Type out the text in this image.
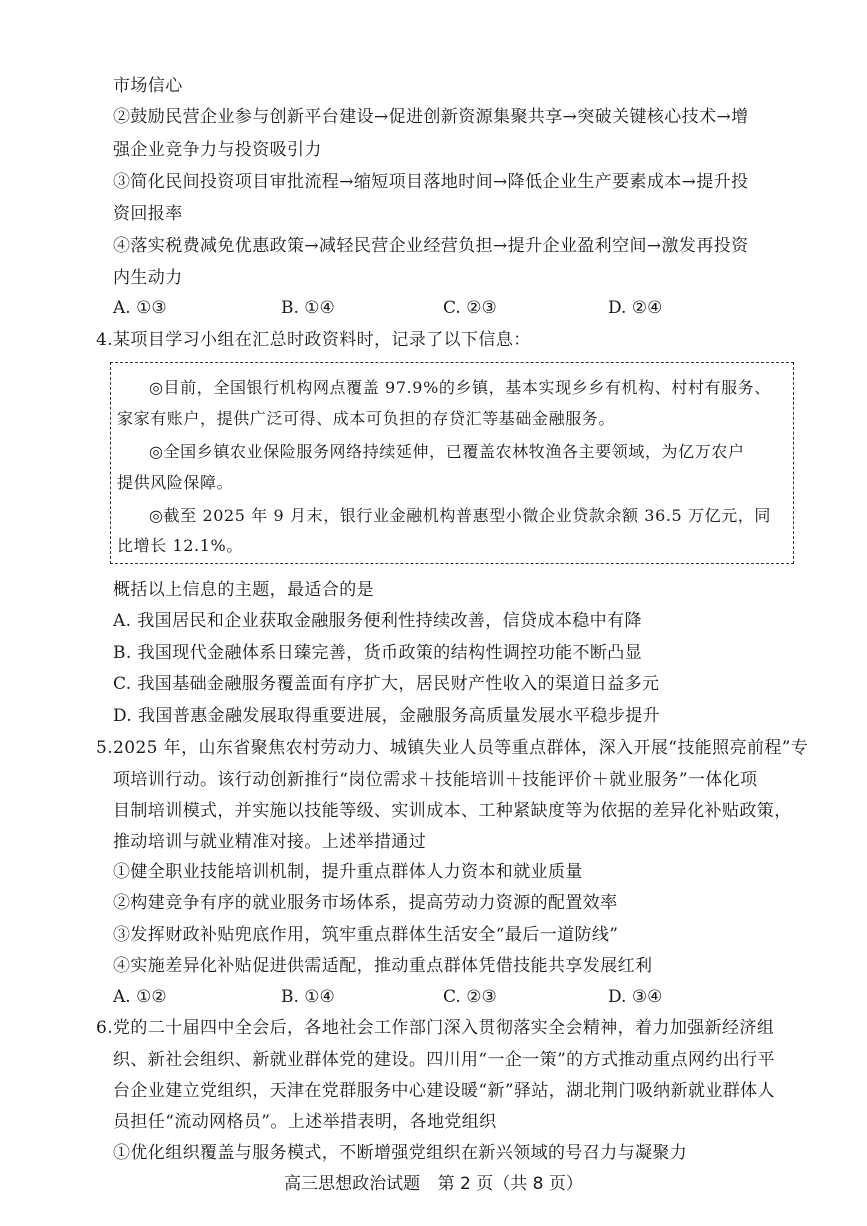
市场信心
②鼓励民营企业参与创新平台建设→促进创新资源集聚共享→突破关键核心技术→增
强企业竞争力与投资吸引力
③简化民间投资项目审批流程→缩短项目落地时间→降低企业生产要素成本→提升投
资回报率
④落实税费减免优惠政策→减轻民营企业经营负担→提升企业盈利空间→激发再投资
内生动力
A. ①③	B. ①④	C. ②③	D. ②④
4.某项目学习小组在汇总时政资料时，记录了以下信息：
◎目前，全国银行机构网点覆盖 97.9%的乡镇，基本实现乡乡有机构、村村有服务、
家家有账户，提供广泛可得、成本可负担的存贷汇等基础金融服务。
◎全国乡镇农业保险服务网络持续延伸，已覆盖农林牧渔各主要领域，为亿万农户
提供风险保障。
◎截至 2025 年 9 月末，银行业金融机构普惠型小微企业贷款余额 36.5 万亿元，同
比增长 12.1%。
概括以上信息的主题，最适合的是
A. 我国居民和企业获取金融服务便利性持续改善，信贷成本稳中有降
B. 我国现代金融体系日臻完善，货币政策的结构性调控功能不断凸显
C. 我国基础金融服务覆盖面有序扩大，居民财产性收入的渠道日益多元
D. 我国普惠金融发展取得重要进展，金融服务高质量发展水平稳步提升
5.2025 年，山东省聚焦农村劳动力、城镇失业人员等重点群体，深入开展“技能照亮前程”专
项培训行动。该行动创新推行“岗位需求＋技能培训＋技能评价＋就业服务”一体化项
目制培训模式，并实施以技能等级、实训成本、工种紧缺度等为依据的差异化补贴政策，
推动培训与就业精准对接。上述举措通过
①健全职业技能培训机制，提升重点群体人力资本和就业质量
②构建竞争有序的就业服务市场体系，提高劳动力资源的配置效率
③发挥财政补贴兜底作用，筑牢重点群体生活安全“最后一道防线”
④实施差异化补贴促进供需适配，推动重点群体凭借技能共享发展红利
A. ①②	B. ①④	C. ②③	D. ③④
6.党的二十届四中全会后，各地社会工作部门深入贯彻落实全会精神，着力加强新经济组
织、新社会组织、新就业群体党的建设。四川用“一企一策”的方式推动重点网约出行平
台企业建立党组织，天津在党群服务中心建设暖“新”驿站，湖北荆门吸纳新就业群体人
员担任“流动网格员”。上述举措表明，各地党组织
①优化组织覆盖与服务模式，不断增强党组织在新兴领域的号召力与凝聚力
高三思想政治试题 第 2 页（共 8 页）
